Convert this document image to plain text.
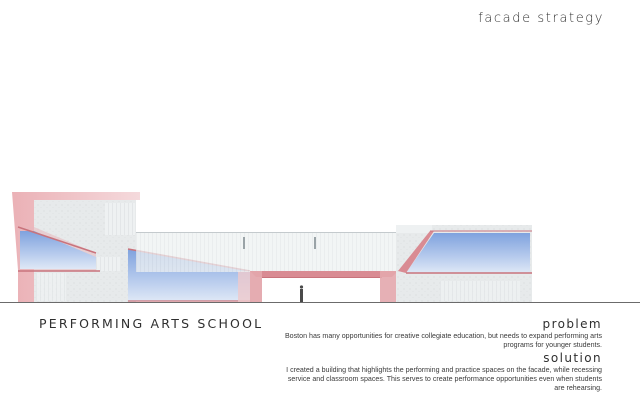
facade strategy
PERFORMING ARTS SCHOOL	problem
Boston has many opportunities for creative collegiate education, but needs to expand performing arts programs for younger students.
solution
I created a building that highlights the performing and practice spaces on the facade, while recessing service and classroom spaces. This serves to create performance opportunities even when students are rehearsing.
